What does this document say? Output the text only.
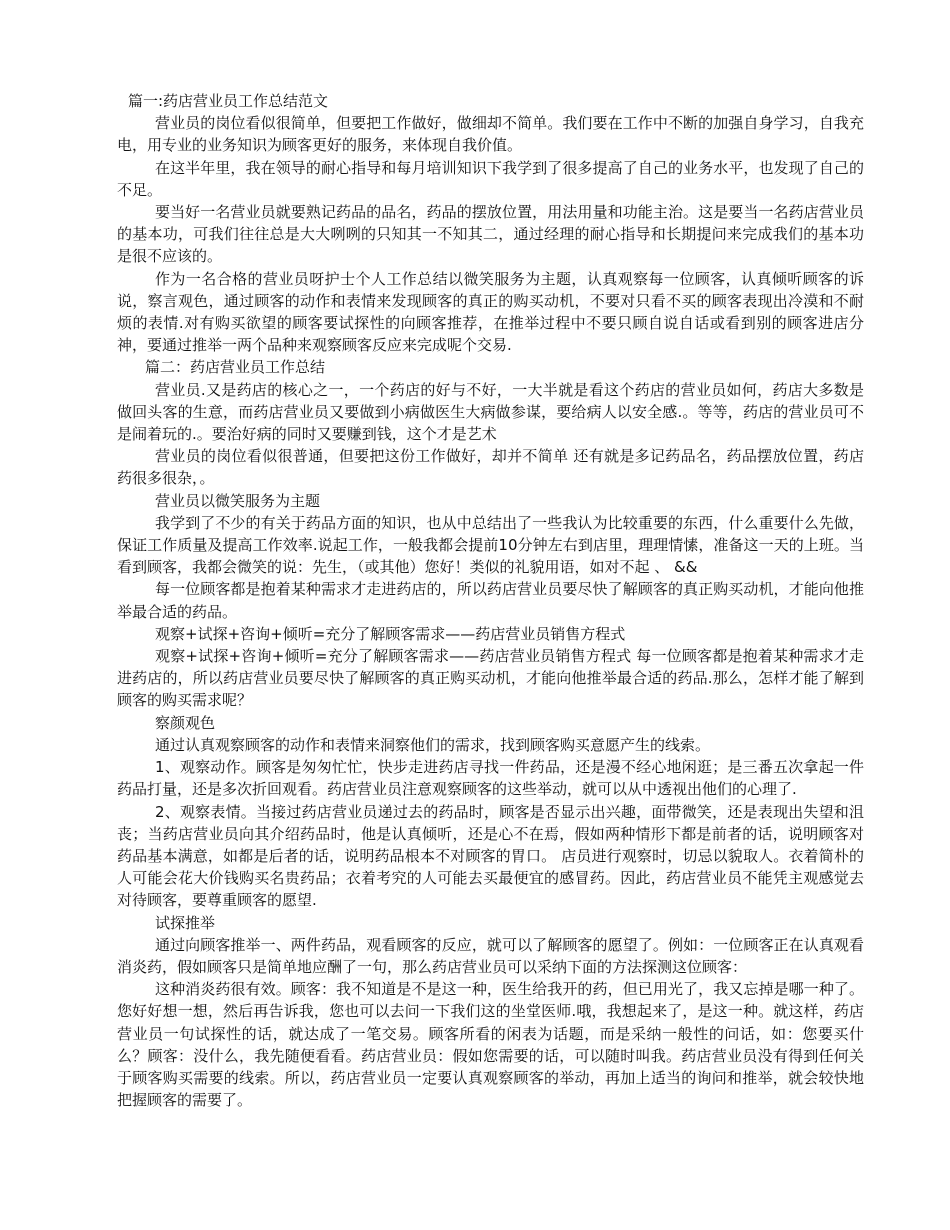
篇一:药店营业员工作总结范文

营业员的岗位看似很简单，但要把工作做好，做细却不简单。我们要在工作中不断的加强自身学习，自我充电，用专业的业务知识为顾客更好的服务，来体现自我价值。

在这半年里，我在领导的耐心指导和每月培训知识下我学到了很多提高了自己的业务水平，也发现了自己的不足。

要当好一名营业员就要熟记药品的品名，药品的摆放位置，用法用量和功能主治。这是要当一名药店营业员的基本功，可我们往往总是大大咧咧的只知其一不知其二，通过经理的耐心指导和长期提问来完成我们的基本功是很不应该的。

作为一名合格的营业员呀护士个人工作总结以微笑服务为主题，认真观察每一位顾客，认真倾听顾客的诉说，察言观色，通过顾客的动作和表情来发现顾客的真正的购买动机，不要对只看不买的顾客表现出冷漠和不耐烦的表情.对有购买欲望的顾客要试探性的向顾客推荐，在推举过程中不要只顾自说自话或看到别的顾客进店分神，要通过推举一两个品种来观察顾客反应来完成呢个交易.

篇二：药店营业员工作总结

营业员.又是药店的核心之一，一个药店的好与不好，一大半就是看这个药店的营业员如何，药店大多数是做回头客的生意，而药店营业员又要做到小病做医生大病做参谋，要给病人以安全感.。等等，药店的营业员可不是闹着玩的.。要治好病的同时又要赚到钱，这个才是艺术

营业员的岗位看似很普通，但要把这份工作做好，却并不简单 还有就是多记药品名，药品摆放位置，药店药很多很杂，。

营业员以微笑服务为主题

我学到了不少的有关于药品方面的知识，也从中总结出了一些我认为比较重要的东西，什么重要什么先做，保证工作质量及提高工作效率.说起工作，一般我都会提前10分钟左右到店里，理理情愫，准备这一天的上班。当看到顾客，我都会微笑的说：先生，（或其他）您好！类似的礼貌用语，如对不起 、 &&

每一位顾客都是抱着某种需求才走进药店的，所以药店营业员要尽快了解顾客的真正购买动机，才能向他推举最合适的药品。

观察+试探+咨询+倾听=充分了解顾客需求——药店营业员销售方程式

观察+试探+咨询+倾听=充分了解顾客需求——药店营业员销售方程式 每一位顾客都是抱着某种需求才走进药店的，所以药店营业员要尽快了解顾客的真正购买动机，才能向他推举最合适的药品.那么，怎样才能了解到顾客的购买需求呢？

察颜观色

通过认真观察顾客的动作和表情来洞察他们的需求，找到顾客购买意愿产生的线索。

1、观察动作。顾客是匆匆忙忙，快步走进药店寻找一件药品，还是漫不经心地闲逛；是三番五次拿起一件药品打量，还是多次折回观看。药店营业员注意观察顾客的这些举动，就可以从中透视出他们的心理了.

2、观察表情。当接过药店营业员递过去的药品时，顾客是否显示出兴趣，面带微笑，还是表现出失望和沮丧；当药店营业员向其介绍药品时，他是认真倾听，还是心不在焉，假如两种情形下都是前者的话，说明顾客对药品基本满意，如都是后者的话，说明药品根本不对顾客的胃口。 店员进行观察时，切忌以貌取人。衣着简朴的人可能会花大价钱购买名贵药品；衣着考究的人可能去买最便宜的感冒药。因此，药店营业员不能凭主观感觉去对待顾客，要尊重顾客的愿望.

试探推举

通过向顾客推举一、两件药品，观看顾客的反应，就可以了解顾客的愿望了。例如：一位顾客正在认真观看消炎药，假如顾客只是简单地应酬了一句，那么药店营业员可以采纳下面的方法探测这位顾客：

这种消炎药很有效。顾客：我不知道是不是这一种，医生给我开的药，但已用光了，我又忘掉是哪一种了。您好好想一想，然后再告诉我，您也可以去问一下我们这的坐堂医师.哦，我想起来了，是这一种。就这样，药店营业员一句试探性的话，就达成了一笔交易。顾客所看的闲表为话题，而是采纳一般性的问话，如：您要买什么？顾客：没什么，我先随便看看。药店营业员：假如您需要的话，可以随时叫我。药店营业员没有得到任何关于顾客购买需要的线索。所以，药店营业员一定要认真观察顾客的举动，再加上适当的询问和推举，就会较快地把握顾客的需要了。
